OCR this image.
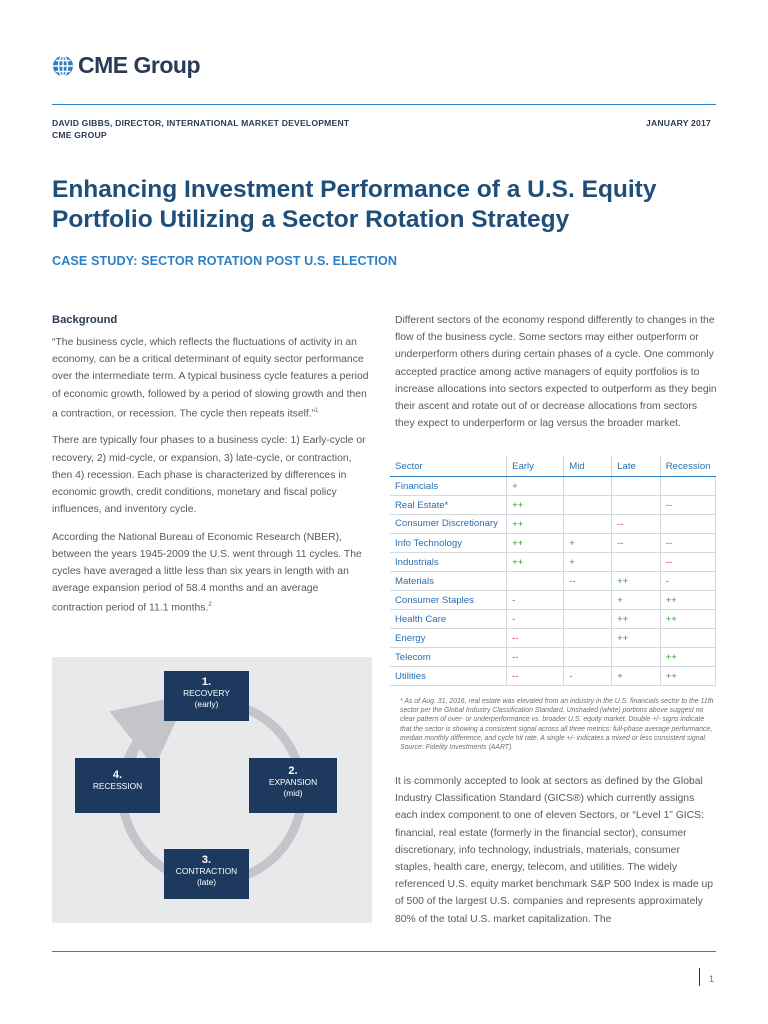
CME Group
DAVID GIBBS, DIRECTOR, INTERNATIONAL MARKET DEVELOPMENT
CME GROUP
JANUARY 2017
Enhancing Investment Performance of a U.S. Equity Portfolio Utilizing a Sector Rotation Strategy
CASE STUDY: SECTOR ROTATION POST U.S. ELECTION

Background

“The business cycle, which reflects the fluctuations of activity in an economy, can be a critical determinant of equity sector performance over the intermediate term. A typical business cycle features a period of economic growth, followed by a period of slowing growth and then a contraction, or recession. The cycle then repeats itself.”$^1$

There are typically four phases to a business cycle: 1) Early-cycle or recovery, 2) mid-cycle, or expansion, 3) late-cycle, or contraction, then 4) recession. Each phase is characterized by differences in economic growth, credit conditions, monetary and fiscal policy influences, and inventory cycle.

According the National Bureau of Economic Research (NBER), between the years 1945-2009 the U.S. went through 11 cycles. The cycles have averaged a little less than six years in length with an average expansion period of 58.4 months and an average contraction period of 11.1 months.$^2$

1.
RECOVERY
(early)
2.
EXPANSION
(mid)
3.
CONTRACTION
(late)
4.
RECESSION

Different sectors of the economy respond differently to changes in the flow of the business cycle. Some sectors may either outperform or underperform others during certain phases of a cycle. One commonly accepted practice among active managers of equity portfolios is to increase allocations into sectors expected to outperform as they begin their ascent and rotate out of or decrease allocations from sectors they expect to underperform or lag versus the broader market.

Sector	Early	Mid	Late	Recession
Financials	+			
Real Estate*	++			--
Consumer Discretionary	++		--	
Info Technology	++	+	--	--
Industrials	++	+		--
Materials		--	++	-
Consumer Staples	-		+	++
Health Care	-		++	++
Energy	--		++	
Telecom	--			++
Utilities	--	-	+	++
* As of Aug. 31, 2016, real estate was elevated from an industry in the U.S. financials sector to the 11th sector per the Global Industry Classification Standard. Unshaded (white) portions above suggest no clear pattern of over- or underperformance vs. broader U.S. equity market. Double +/- signs indicate that the sector is showing a consistent signal across all three metrics: full-phase average performance, median monthly difference, and cycle hit rate. A single +/- indicates a mixed or less consistent signal. Source: Fidelity Investments (AART).

It is commonly accepted to look at sectors as defined by the Global Industry Classification Standard (GICS®) which currently assigns each index component to one of eleven Sectors, or “Level 1” GICS: financial, real estate (formerly in the financial sector), consumer discretionary, info technology, industrials, materials, consumer staples, health care, energy, telecom, and utilities. The widely referenced U.S. equity market benchmark S&P 500 Index is made up of 500 of the largest U.S. companies and represents approximately 80% of the total U.S. market capitalization. The

1
